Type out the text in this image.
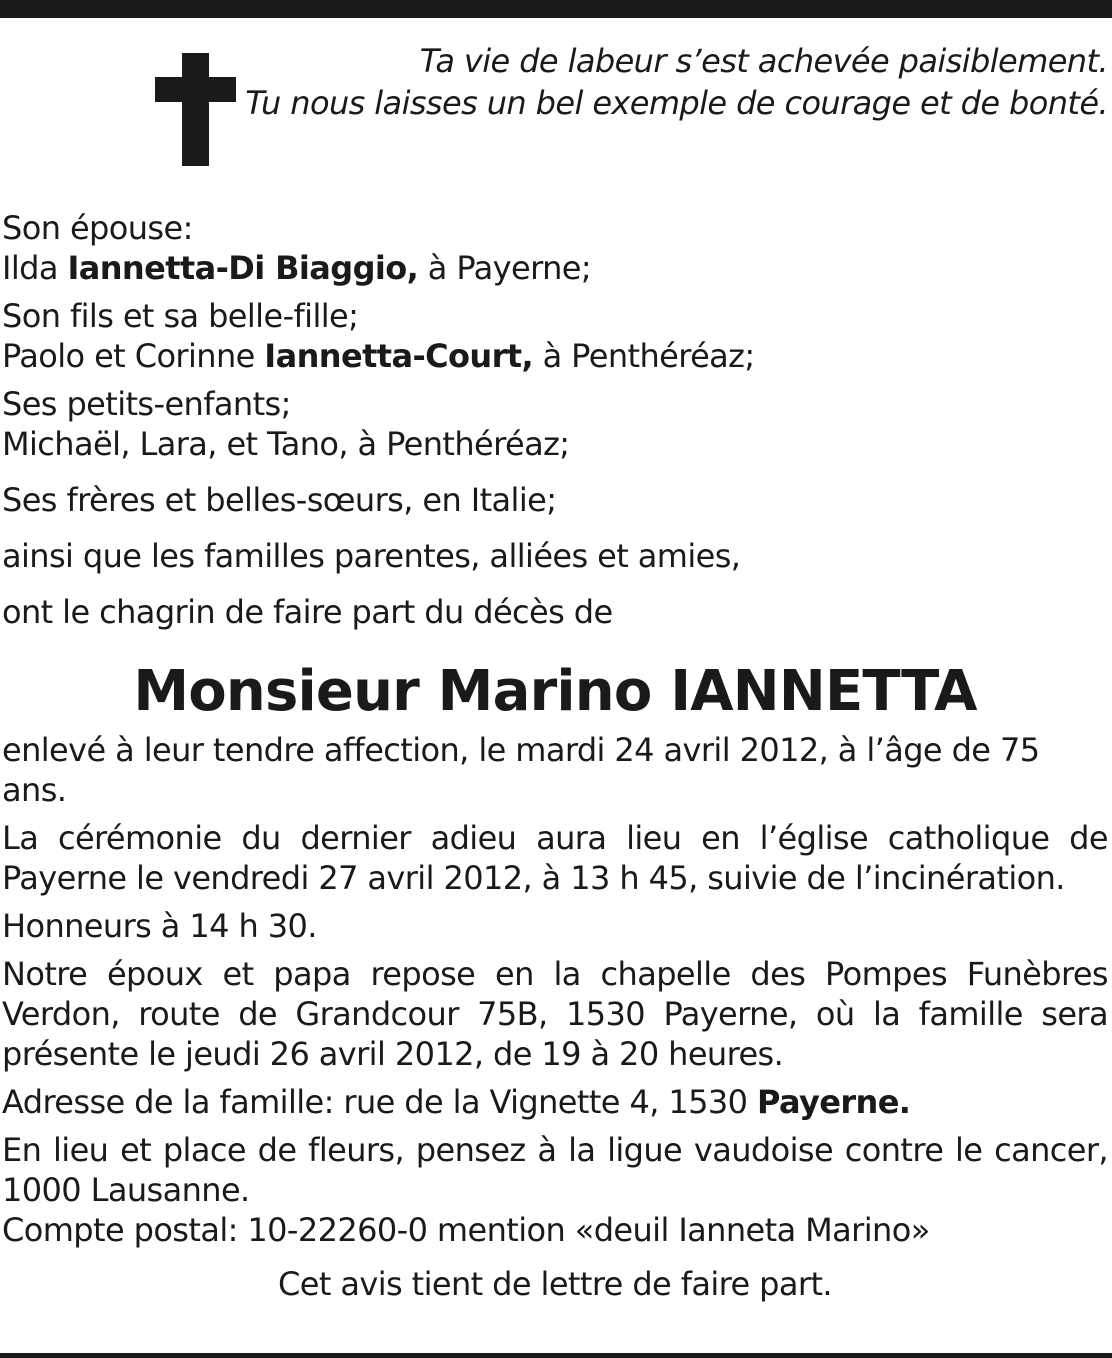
Ta vie de labeur s’est achevée paisiblement.
Tu nous laisses un bel exemple de courage et de bonté.

Son épouse:

Ilda Iannetta-Di Biaggio, à Payerne;

Son fils et sa belle-fille;

Paolo et Corinne Iannetta-Court, à Penthéréaz;

Ses petits-enfants;

Michaël, Lara, et Tano, à Penthéréaz;

Ses frères et belles-sœurs, en Italie;

ainsi que les familles parentes, alliées et amies,

ont le chagrin de faire part du décès de

Monsieur Marino IANNETTA

enlevé à leur tendre affection, le mardi 24 avril 2012, à l’âge de 75 ans.

La cérémonie du dernier adieu aura lieu en l’église catholique de Payerne le vendredi 27 avril 2012, à 13 h 45, suivie de l’incinération.

Honneurs à 14 h 30.

Notre époux et papa repose en la chapelle des Pompes Funèbres Verdon, route de Grandcour 75B, 1530 Payerne, où la famille sera présente le jeudi 26 avril 2012, de 19 à 20 heures.

Adresse de la famille: rue de la Vignette 4, 1530 Payerne.

En lieu et place de fleurs, pensez à la ligue vaudoise contre le cancer, 1000 Lausanne.

Compte postal: 10-22260-0 mention «deuil Ianneta Marino»

Cet avis tient de lettre de faire part.
